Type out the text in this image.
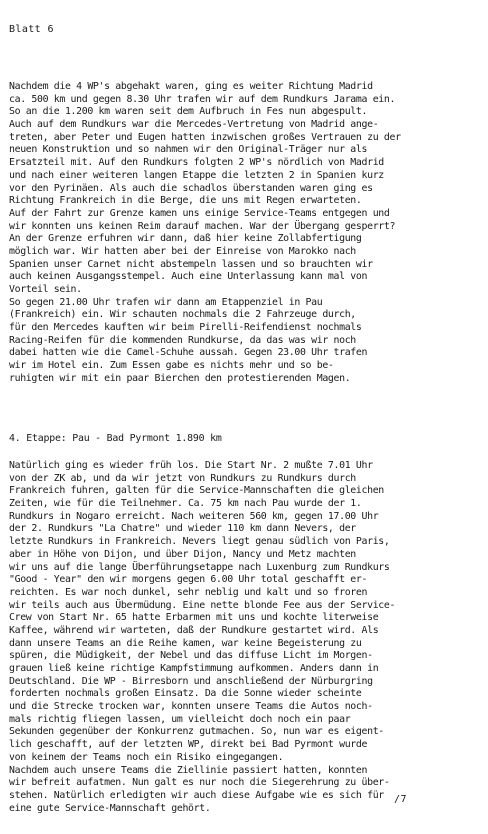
Blatt 6
Nachdem die 4 WP's abgehakt waren, ging es weiter Richtung Madrid
ca. 500 km und gegen 8.30 Uhr trafen wir auf dem Rundkurs Jarama ein.
So an die 1.200 km waren seit dem Aufbruch in Fes nun abgespult.
Auch auf dem Rundkurs war die Mercedes-Vertretung von Madrid ange-
treten, aber Peter und Eugen hatten inzwischen großes Vertrauen zu der
neuen Konstruktion und so nahmen wir den Original-Träger nur als
Ersatzteil mit. Auf den Rundkurs folgten 2 WP's nördlich von Madrid
und nach einer weiteren langen Etappe die letzten 2 in Spanien kurz
vor den Pyrinäen. Als auch die schadlos überstanden waren ging es
Richtung Frankreich in die Berge, die uns mit Regen erwarteten.
Auf der Fahrt zur Grenze kamen uns einige Service-Teams entgegen und
wir konnten uns keinen Reim darauf machen. War der Übergang gesperrt?
An der Grenze erfuhren wir dann, daß hier keine Zollabfertigung
möglich war. Wir hatten aber bei der Einreise von Marokko nach
Spanien unser Carnet nicht abstempeln lassen und so brauchten wir
auch keinen Ausgangsstempel. Auch eine Unterlassung kann mal von
Vorteil sein.
So gegen 21.00 Uhr trafen wir dann am Etappenziel in Pau
(Frankreich) ein. Wir schauten nochmals die 2 Fahrzeuge durch,
für den Mercedes kauften wir beim Pirelli-Reifendienst nochmals
Racing-Reifen für die kommenden Rundkurse, da das was wir noch
dabei hatten wie die Camel-Schuhe aussah. Gegen 23.00 Uhr trafen
wir im Hotel ein. Zum Essen gabe es nichts mehr und so be-
ruhigten wir mit ein paar Bierchen den protestierenden Magen.
4. Etappe: Pau - Bad Pyrmont 1.890 km
Natürlich ging es wieder früh los. Die Start Nr. 2 mußte 7.01 Uhr
von der ZK ab, und da wir jetzt von Rundkurs zu Rundkurs durch
Frankreich fuhren, galten für die Service-Mannschaften die gleichen
Zeiten, wie für die Teilnehmer. Ca. 75 km nach Pau wurde der 1.
Rundkurs in Nogaro erreicht. Nach weiteren 560 km, gegen 17.00 Uhr
der 2. Rundkurs "La Chatre" und wieder 110 km dann Nevers, der
letzte Rundkurs in Frankreich. Nevers liegt genau südlich von Paris,
aber in Höhe von Dijon, und über Dijon, Nancy und Metz machten
wir uns auf die lange Überführungsetappe nach Luxenburg zum Rundkurs
"Good - Year" den wir morgens gegen 6.00 Uhr total geschafft er-
reichten. Es war noch dunkel, sehr neblig und kalt und so froren
wir teils auch aus Übermüdung. Eine nette blonde Fee aus der Service-
Crew von Start Nr. 65 hatte Erbarmen mit uns und kochte literweise
Kaffee, während wir warteten, daß der Rundkure gestartet wird. Als
dann unsere Teams an die Reihe kamen, war keine Begeisterung zu
spüren, die Müdigkeit, der Nebel und das diffuse Licht im Morgen-
grauen ließ keine richtige Kampfstimmung aufkommen. Anders dann in
Deutschland. Die WP - Birresborn und anschließend der Nürburgring
forderten nochmals großen Einsatz. Da die Sonne wieder scheinte
und die Strecke trocken war, konnten unsere Teams die Autos noch-
mals richtig fliegen lassen, um vielleicht doch noch ein paar
Sekunden gegenüber der Konkurrenz gutmachen. So, nun war es eigent-
lich geschafft, auf der letzten WP, direkt bei Bad Pyrmont wurde
von keinem der Teams noch ein Risiko eingegangen.
Nachdem auch unsere Teams die Ziellinie passiert hatten, konnten
wir befreit aufatmen. Nun galt es nur noch die Siegerehrung zu über-
stehen. Natürlich erledigten wir auch diese Aufgabe wie es sich für
eine gute Service-Mannschaft gehört.
/7
